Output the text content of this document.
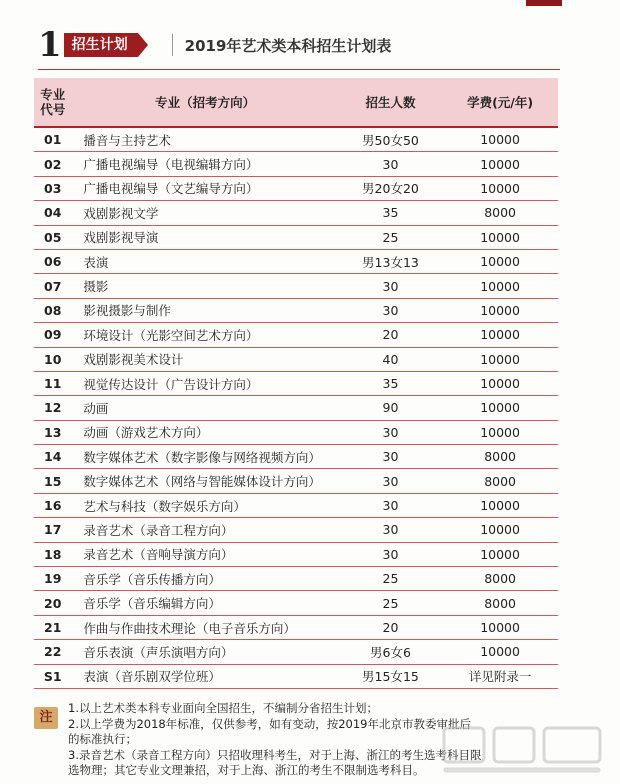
1 招生计划	2019年艺术类本科招生计划表
专业
代号	专业（招考方向）	招生人数	学费(元/年)
01	播音与主持艺术	男50女50	10000
02	广播电视编导（电视编辑方向）	30	10000
03	广播电视编导（文艺编导方向）	男20女20	10000
04	戏剧影视文学	35	8000
05	戏剧影视导演	25	10000
06	表演	男13女13	10000
07	摄影	30	10000
08	影视摄影与制作	30	10000
09	环境设计（光影空间艺术方向）	20	10000
10	戏剧影视美术设计	40	10000
11	视觉传达设计（广告设计方向）	35	10000
12	动画	90	10000
13	动画（游戏艺术方向）	30	10000
14	数字媒体艺术（数字影像与网络视频方向）	30	8000
15	数字媒体艺术（网络与智能媒体设计方向）	30	8000
16	艺术与科技（数字娱乐方向）	30	10000
17	录音艺术（录音工程方向）	30	10000
18	录音艺术（音响导演方向）	30	10000
19	音乐学（音乐传播方向）	25	8000
20	音乐学（音乐编辑方向）	25	8000
21	作曲与作曲技术理论（电子音乐方向）	20	10000
22	音乐表演（声乐演唱方向）	男6女6	10000
S1	表演（音乐剧双学位班）	男15女15	详见附录一
注
1.以上艺术类本科专业面向全国招生，不编制分省招生计划；
2.以上学费为2018年标准，仅供参考，如有变动，按2019年北京市教委审批后
的标准执行；
3.录音艺术（录音工程方向）只招收理科考生，对于上海、浙江的考生选考科目限
选物理；其它专业文理兼招，对于上海、浙江的考生不限制选考科目。
